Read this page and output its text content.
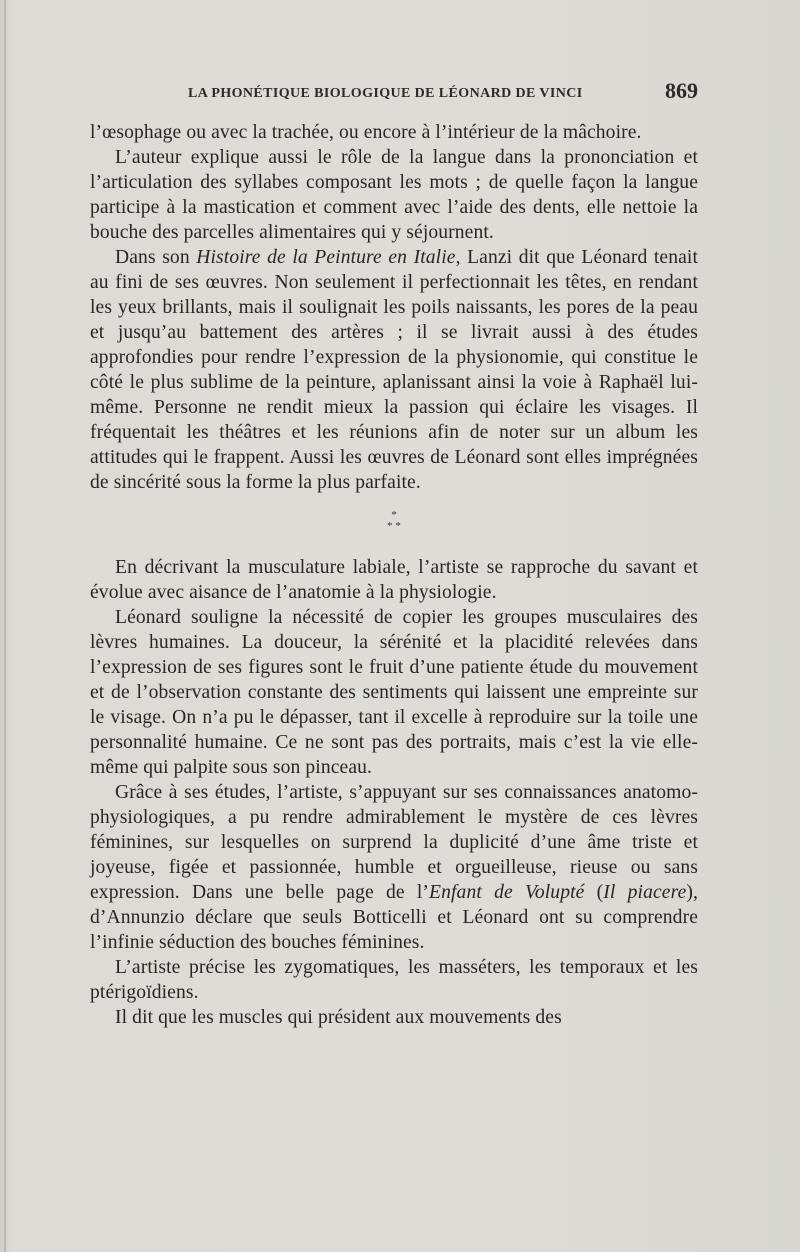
LA PHONÉTIQUE BIOLOGIQUE DE LÉONARD DE VINCI	869

l’œsophage ou avec la trachée, ou encore à l’intérieur de la mâchoire.

L’auteur explique aussi le rôle de la langue dans la prononciation et l’articulation des syllabes composant les mots ; de quelle façon la langue participe à la mastication et comment avec l’aide des dents, elle nettoie la bouche des parcelles alimentaires qui y séjournent.

Dans son Histoire de la Peinture en Italie, Lanzi dit que Léonard tenait au fini de ses œuvres. Non seulement il perfectionnait les têtes, en rendant les yeux brillants, mais il soulignait les poils naissants, les pores de la peau et jusqu’au battement des artères ; il se livrait aussi à des études approfondies pour rendre l’expression de la physionomie, qui constitue le côté le plus sublime de la peinture, aplanissant ainsi la voie à Raphaël lui-même. Personne ne rendit mieux la passion qui éclaire les visages. Il fréquentait les théâtres et les réunions afin de noter sur un album les attitudes qui le frappent. Aussi les œuvres de Léonard sont elles imprégnées de sincérité sous la forme la plus parfaite.

*
* *

En décrivant la musculature labiale, l’artiste se rapproche du savant et évolue avec aisance de l’anatomie à la physiologie.

Léonard souligne la nécessité de copier les groupes musculaires des lèvres humaines. La douceur, la sérénité et la placidité relevées dans l’expression de ses figures sont le fruit d’une patiente étude du mouvement et de l’observation constante des sentiments qui laissent une empreinte sur le visage. On n’a pu le dépasser, tant il excelle à reproduire sur la toile une personnalité humaine. Ce ne sont pas des portraits, mais c’est la vie elle-même qui palpite sous son pinceau.

Grâce à ses études, l’artiste, s’appuyant sur ses connaissances anatomo-physiologiques, a pu rendre admirablement le mystère de ces lèvres féminines, sur lesquelles on surprend la duplicité d’une âme triste et joyeuse, figée et passionnée, humble et orgueilleuse, rieuse ou sans expression. Dans une belle page de l’Enfant de Volupté (Il piacere), d’Annunzio déclare que seuls Botticelli et Léonard ont su comprendre l’infinie séduction des bouches féminines.

L’artiste précise les zygomatiques, les masséters, les temporaux et les ptérigoïdiens.

Il dit que les muscles qui président aux mouvements des
